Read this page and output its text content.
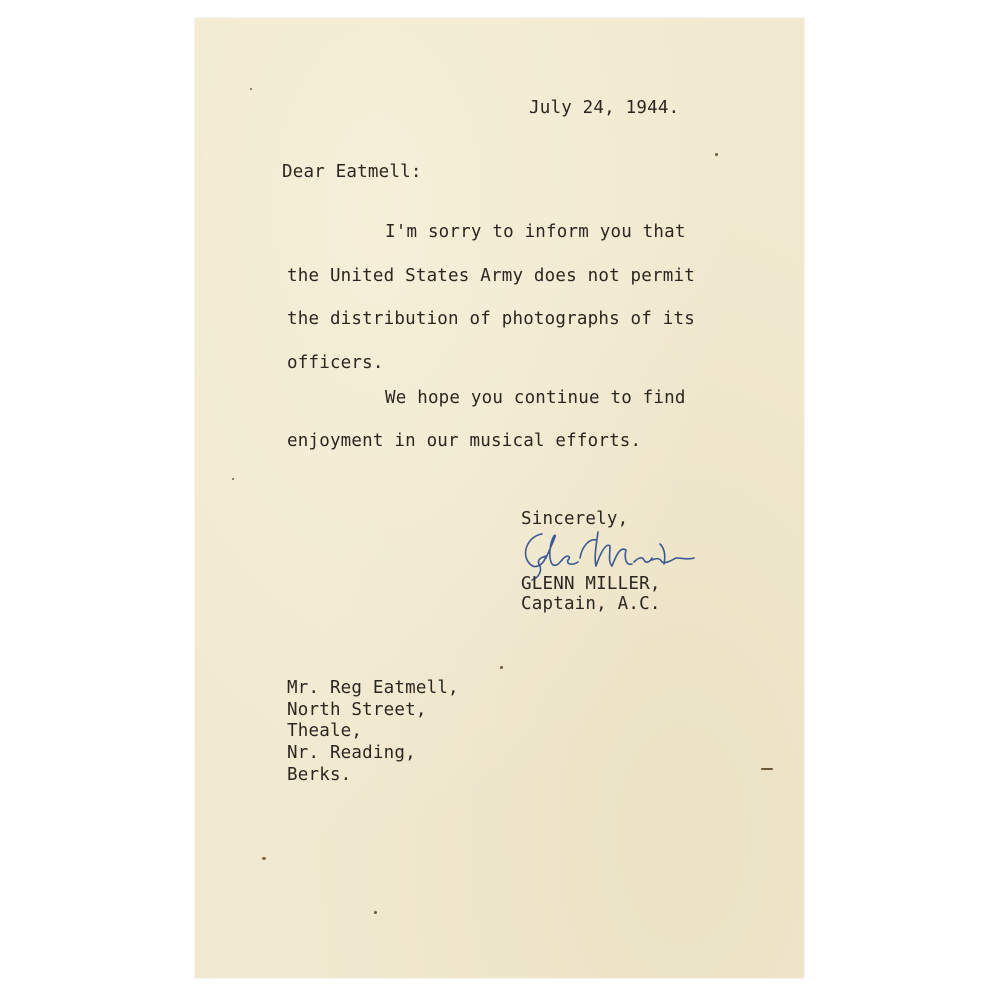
July 24, 1944.

Dear Eatmell:

I'm sorry to inform you that

the United States Army does not permit

the distribution of photographs of its

officers.

We hope you continue to find

enjoyment in our musical efforts.

Sincerely,

GLENN MILLER,

Captain, A.C.

Mr. Reg Eatmell,

North Street,

Theale,

Nr. Reading,

Berks.
